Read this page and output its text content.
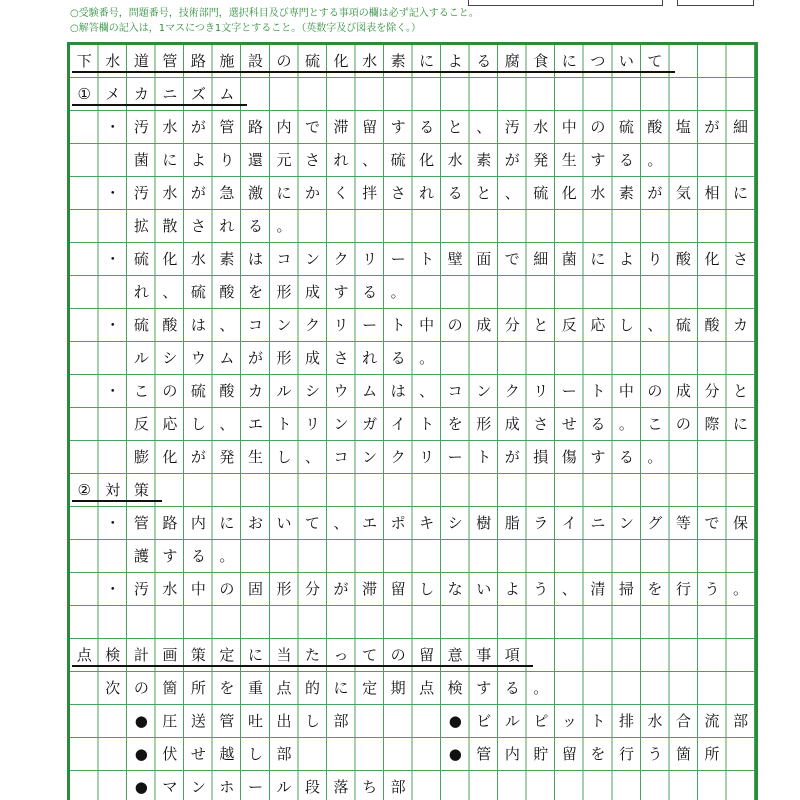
○受験番号，問題番号，技術部門，選択科目及び専門とする事項の欄は必ず記入すること。
○解答欄の記入は，1マスにつき1文字とすること。（英数字及び図表を除く。）
下 水 道 管 路 施 設 の 硫 化 水 素 に よ る 腐 食 に つ い て
① メ カ ニ ズ ム
・ 汚 水 が 管 路 内 で 滞 留 す る と 、 汚 水 中 の 硫 酸 塩 が 細
菌 に よ り 還 元 さ れ 、 硫 化 水 素 が 発 生 す る 。
・ 汚 水 が 急 激 に か く 拌 さ れ る と 、 硫 化 水 素 が 気 相 に
拡 散 さ れ る 。
・ 硫 化 水 素 は コ ン ク リ ー ト 壁 面 で 細 菌 に よ り 酸 化 さ
れ 、 硫 酸 を 形 成 す る 。
・ 硫 酸 は 、 コ ン ク リ ー ト 中 の 成 分 と 反 応 し 、 硫 酸 カ
ル シ ウ ム が 形 成 さ れ る 。
・ こ の 硫 酸 カ ル シ ウ ム は 、 コ ン ク リ ー ト 中 の 成 分 と
反 応 し 、 エ ト リ ン ガ イ ト を 形 成 さ せ る 。 こ の 際 に
膨 化 が 発 生 し 、 コ ン ク リ ー ト が 損 傷 す る 。
② 対 策
・ 管 路 内 に お い て 、 エ ポ キ シ 樹 脂 ラ イ ニ ン グ 等 で 保
護 す る 。
・ 汚 水 中 の 固 形 分 が 滞 留 し な い よ う 、 清 掃 を 行 う 。
点 検 計 画 策 定 に 当 た っ て の 留 意 事 項
次 の 箇 所 を 重 点 的 に 定 期 点 検 す る 。
● 圧 送 管 吐 出 し 部	● ビ ル ピ ッ ト 排 水 合 流 部
● 伏 せ 越 し 部	● 管 内 貯 留 を 行 う 箇 所
● マ ン ホ ー ル 段 落 ち 部
